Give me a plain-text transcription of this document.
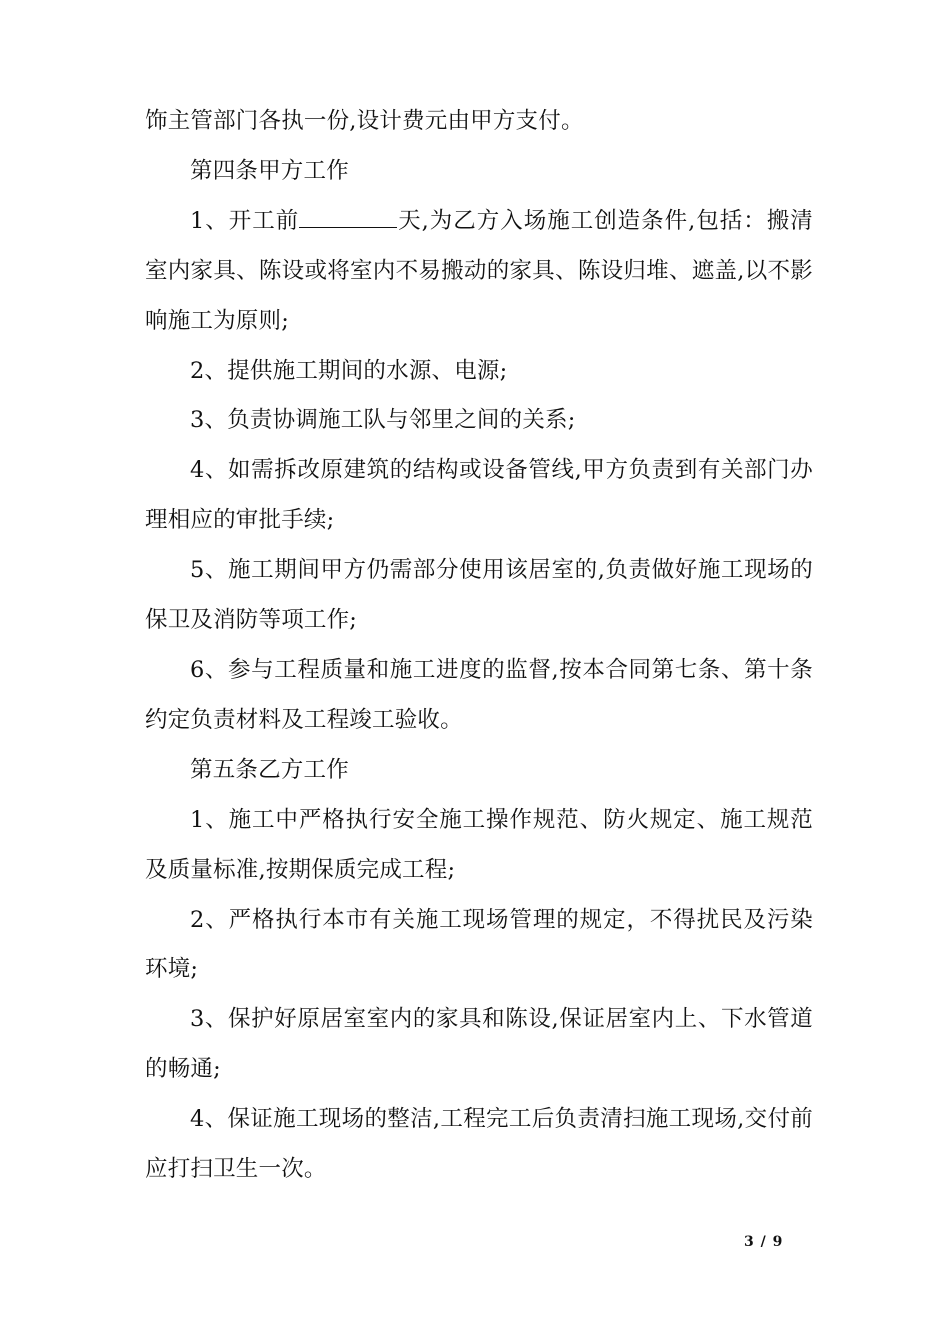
饰主管部门各执一份,设计费元由甲方支付。

第四条甲方工作

1、开工前	天,为乙方入场施工创造条件,包括：搬清室内家具、陈设或将室内不易搬动的家具、陈设归堆、遮盖,以不影响施工为原则;

2、提供施工期间的水源、电源;

3、负责协调施工队与邻里之间的关系;

4、如需拆改原建筑的结构或设备管线,甲方负责到有关部门办理相应的审批手续;

5、施工期间甲方仍需部分使用该居室的,负责做好施工现场的保卫及消防等项工作;

6、参与工程质量和施工进度的监督,按本合同第七条、第十条约定负责材料及工程竣工验收。

第五条乙方工作

1、施工中严格执行安全施工操作规范、防火规定、施工规范及质量标准,按期保质完成工程;

2、严格执行本市有关施工现场管理的规定，不得扰民及污染环境;

3、保护好原居室室内的家具和陈设,保证居室内上、下水管道的畅通;

4、保证施工现场的整洁,工程完工后负责清扫施工现场,交付前应打扫卫生一次。

3 / 9
